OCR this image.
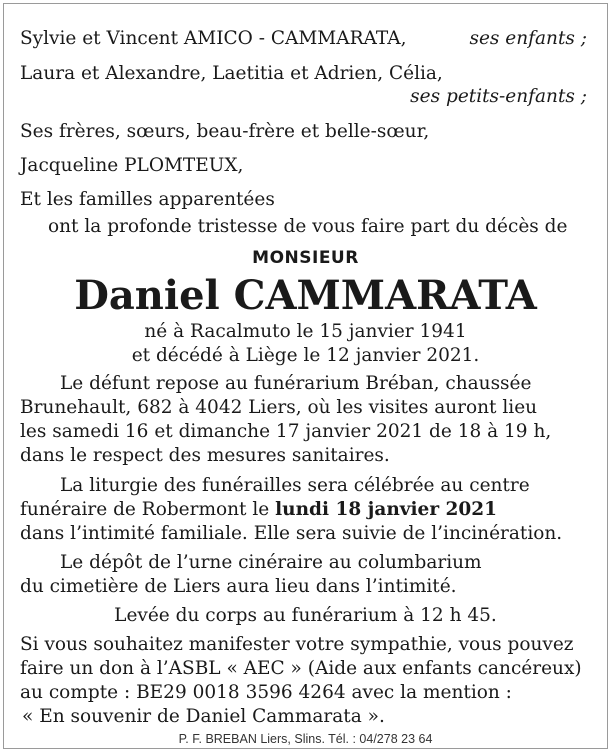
Sylvie et Vincent AMICO - CAMMARATA,	ses enfants ;
Laura et Alexandre, Laetitia et Adrien, Célia,
ses petits-enfants ;
Ses frères, sœurs, beau-frère et belle-sœur,
Jacqueline PLOMTEUX,
Et les familles apparentées
ont la profonde tristesse de vous faire part du décès de
MONSIEUR
Daniel CAMMARATA
né à Racalmuto le 15 janvier 1941
et décédé à Liège le 12 janvier 2021.
Le défunt repose au funérarium Bréban, chaussée
Brunehault, 682 à 4042 Liers, où les visites auront lieu
les samedi 16 et dimanche 17 janvier 2021 de 18 à 19 h,
dans le respect des mesures sanitaires.
La liturgie des funérailles sera célébrée au centre
funéraire de Robermont le lundi 18 janvier 2021
dans l’intimité familiale. Elle sera suivie de l’incinération.
Le dépôt de l’urne cinéraire au columbarium
du cimetière de Liers aura lieu dans l’intimité.
Levée du corps au funérarium à 12 h 45.
Si vous souhaitez manifester votre sympathie, vous pouvez
faire un don à l’ASBL « AEC » (Aide aux enfants cancéreux)
au compte : BE29 0018 3596 4264 avec la mention :
« En souvenir de Daniel Cammarata ».
P. F. BREBAN Liers, Slins. Tél. : 04/278 23 64
